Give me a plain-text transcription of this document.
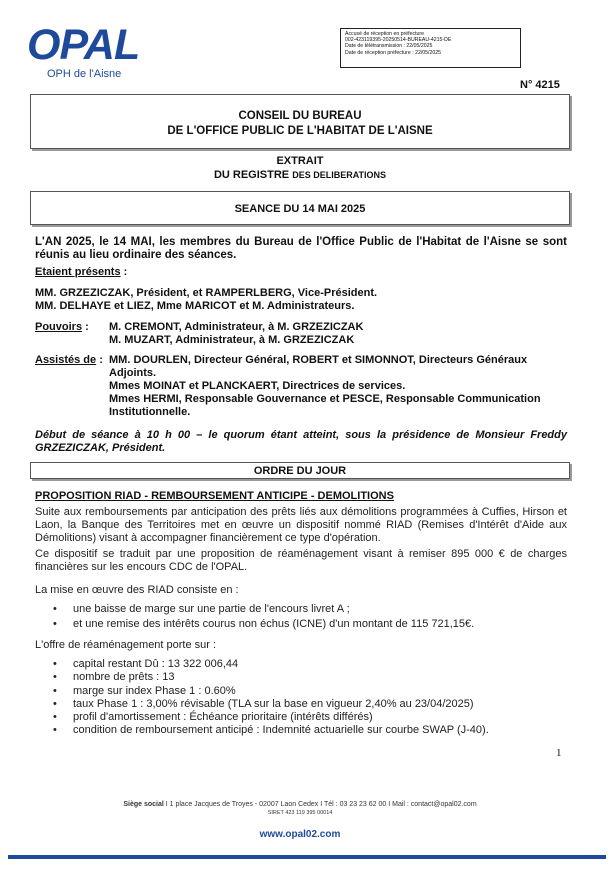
OPAL
OPH de l'Aisne
Accusé de réception en préfecture
002-423119395-20250514-BUREAU-4215-DE
Date de télétransmission : 22/05/2025
Date de réception préfecture : 22/05/2025
N° 4215
CONSEIL DU BUREAU
DE L'OFFICE PUBLIC DE L'HABITAT DE L'AISNE
EXTRAIT
DU REGISTRE DES DELIBERATIONS
SEANCE DU 14 MAI 2025
L'AN 2025, le 14 MAI, les membres du Bureau de l'Office Public de l'Habitat de l'Aisne se sont réunis au lieu ordinaire des séances.
Etaient présents :
MM. GRZEZICZAK, Président, et RAMPERLBERG, Vice-Président.
MM. DELHAYE et LIEZ, Mme MARICOT et M. Administrateurs.
Pouvoirs : M. CREMONT, Administrateur, à M. GRZEZICZAK
M. MUZART, Administrateur, à M. GRZEZICZAK
Assistés de : MM. DOURLEN, Directeur Général, ROBERT et SIMONNOT, Directeurs Généraux Adjoints.
Mmes MOINAT et PLANCKAERT, Directrices de services.
Mmes HERMI, Responsable Gouvernance et PESCE, Responsable Communication Institutionnelle.
Début de séance à 10 h 00 – le quorum étant atteint, sous la présidence de Monsieur Freddy GRZEZICZAK, Président.
ORDRE DU JOUR
PROPOSITION RIAD - REMBOURSEMENT ANTICIPE - DEMOLITIONS
Suite aux remboursements par anticipation des prêts liés aux démolitions programmées à Cuffies, Hirson et Laon, la Banque des Territoires met en œuvre un dispositif nommé RIAD (Remises d'Intérêt d'Aide aux Démolitions) visant à accompagner financièrement ce type d'opération.
Ce dispositif se traduit par une proposition de réaménagement visant à remiser 895 000 € de charges financières sur les encours CDC de l'OPAL.
La mise en œuvre des RIAD consiste en :
• une baisse de marge sur une partie de l'encours livret A ;
• et une remise des intérêts courus non échus (ICNE) d'un montant de 115 721,15€.
L'offre de réaménagement porte sur :
• capital restant Dû : 13 322 006,44
• nombre de prêts : 13
• marge sur index Phase 1 : 0.60%
• taux Phase 1 : 3,00% révisable (TLA sur la base en vigueur 2,40% au 23/04/2025)
• profil d'amortissement : Échéance prioritaire (intérêts différés)
• condition de remboursement anticipé : Indemnité actuarielle sur courbe SWAP (J-40).
1
Siège social I 1 place Jacques de Troyes - 02007 Laon Cedex I Tél : 03 23 23 62 00 I Mail : contact@opal02.com
SIRET 423 119 395 00014
www.opal02.com
